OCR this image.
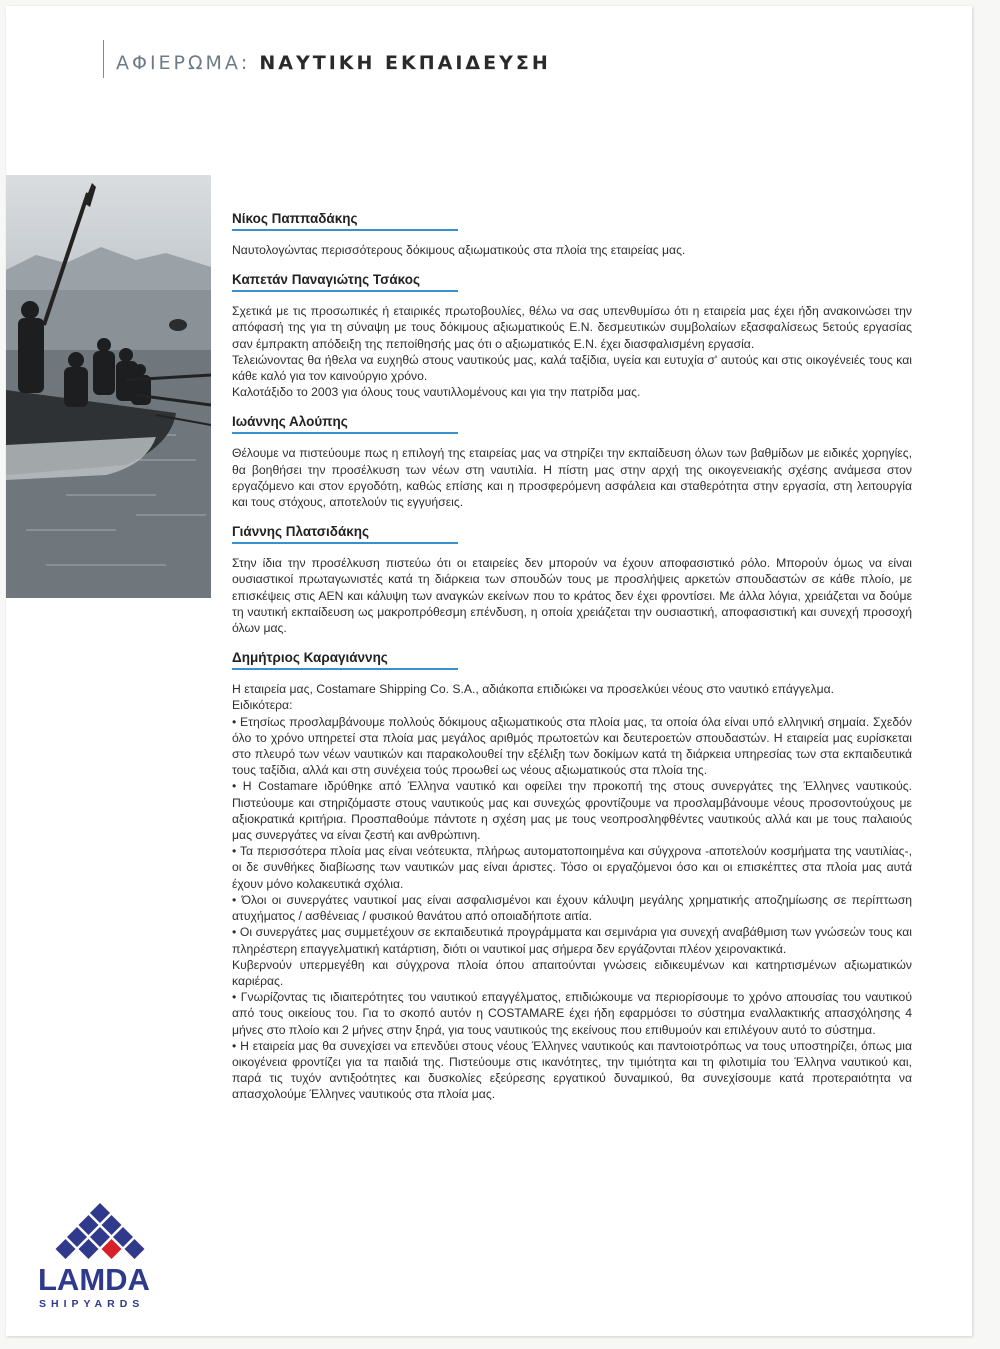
ΑΦΙΕΡΩΜΑ: ΝΑΥΤΙΚΗ ΕΚΠΑΙΔΕΥΣΗ
Νίκος Παππαδάκης

Ναυτολογώντας περισσότερους δόκιμους αξιωματικούς στα πλοία της εταιρείας μας.

Καπετάν Παναγιώτης Τσάκος

Σχετικά με τις προσωπικές ή εταιρικές πρωτοβουλίες, θέλω να σας υπενθυμίσω ότι η εταιρεία μας έχει ήδη ανακοινώσει την απόφασή της για τη σύναψη με τους δόκιμους αξιωματικούς Ε.Ν. δεσμευτικών συμβολαίων εξασφαλίσεως 5ετούς εργασίας σαν έμπρακτη απόδειξη της πεποίθησής μας ότι ο αξιωματικός Ε.Ν. έχει διασφαλισμένη εργασία.

Τελειώνοντας θα ήθελα να ευχηθώ στους ναυτικούς μας, καλά ταξίδια, υγεία και ευτυχία σ' αυτούς και στις οικογένειές τους και κάθε καλό για τον καινούργιο χρόνο.

Καλοτάξιδο το 2003 για όλους τους ναυτιλλομένους και για την πατρίδα μας.

Ιωάννης Αλούπης

Θέλουμε να πιστεύουμε πως η επιλογή της εταιρείας μας να στηρίζει την εκπαίδευση όλων των βαθμίδων με ειδικές χορηγίες, θα βοηθήσει την προσέλκυση των νέων στη ναυτιλία. Η πίστη μας στην αρχή της οικογενειακής σχέσης ανάμεσα στον εργαζόμενο και στον εργοδότη, καθώς επίσης και η προσφερόμενη ασφάλεια και σταθερότητα στην εργασία, στη λειτουργία και τους στόχους, αποτελούν τις εγγυήσεις.

Γιάννης Πλατσιδάκης

Στην ίδια την προσέλκυση πιστεύω ότι οι εταιρείες δεν μπορούν να έχουν αποφασιστικό ρόλο. Μπορούν όμως να είναι ουσιαστικοί πρωταγωνιστές κατά τη διάρκεια των σπουδών τους με προσλήψεις αρκετών σπουδαστών σε κάθε πλοίο, με επισκέψεις στις ΑΕΝ και κάλυψη των αναγκών εκείνων που το κράτος δεν έχει φροντίσει. Με άλλα λόγια, χρειάζεται να δούμε τη ναυτική εκπαίδευση ως μακροπρόθεσμη επένδυση, η οποία χρειάζεται την ουσιαστική, αποφασιστική και συνεχή προσοχή όλων μας.

Δημήτριος Καραγιάννης

Η εταιρεία μας, Costamare Shipping Co. S.A., αδιάκοπα επιδιώκει να προσελκύει νέους στο ναυτικό επάγγελμα.

Ειδικότερα:

• Ετησίως προσλαμβάνουμε πολλούς δόκιμους αξιωματικούς στα πλοία μας, τα οποία όλα είναι υπό ελληνική σημαία. Σχεδόν όλο το χρόνο υπηρετεί στα πλοία μας μεγάλος αριθμός πρωτοετών και δευτεροετών σπουδαστών. Η εταιρεία μας ευρίσκεται στο πλευρό των νέων ναυτικών και παρακολουθεί την εξέλιξη των δοκίμων κατά τη διάρκεια υπηρεσίας των στα εκπαιδευτικά τους ταξίδια, αλλά και στη συνέχεια τούς προωθεί ως νέους αξιωματικούς στα πλοία της.

• Η Costamare ιδρύθηκε από Έλληνα ναυτικό και οφείλει την προκοπή της στους συνεργάτες της Έλληνες ναυτικούς. Πιστεύουμε και στηριζόμαστε στους ναυτικούς μας και συνεχώς φροντίζουμε να προσλαμβάνουμε νέους προσοντούχους με αξιοκρατικά κριτήρια. Προσπαθούμε πάντοτε η σχέση μας με τους νεοπροσληφθέντες ναυτικούς αλλά και με τους παλαιούς μας συνεργάτες να είναι ζεστή και ανθρώπινη.

• Τα περισσότερα πλοία μας είναι νεότευκτα, πλήρως αυτοματοποιημένα και σύγχρονα -αποτελούν κοσμήματα της ναυτιλίας-, οι δε συνθήκες διαβίωσης των ναυτικών μας είναι άριστες. Τόσο οι εργαζόμενοι όσο και οι επισκέπτες στα πλοία μας αυτά έχουν μόνο κολακευτικά σχόλια.

• Όλοι οι συνεργάτες ναυτικοί μας είναι ασφαλισμένοι και έχουν κάλυψη μεγάλης χρηματικής αποζημίωσης σε περίπτωση ατυχήματος / ασθένειας / φυσικού θανάτου από οποιαδήποτε αιτία.

• Οι συνεργάτες μας συμμετέχουν σε εκπαιδευτικά προγράμματα και σεμινάρια για συνεχή αναβάθμιση των γνώσεών τους και πληρέστερη επαγγελματική κατάρτιση, διότι οι ναυτικοί μας σήμερα δεν εργάζονται πλέον χειρονακτικά.

Κυβερνούν υπερμεγέθη και σύγχρονα πλοία όπου απαιτούνται γνώσεις ειδικευμένων και κατηρτισμένων αξιωματικών καριέρας.

• Γνωρίζοντας τις ιδιαιτερότητες του ναυτικού επαγγέλματος, επιδιώκουμε να περιορίσουμε το χρόνο απουσίας του ναυτικού από τους οικείους του. Για το σκοπό αυτόν η COSTAMARE έχει ήδη εφαρμόσει το σύστημα εναλλακτικής απασχόλησης 4 μήνες στο πλοίο και 2 μήνες στην ξηρά, για τους ναυτικούς της εκείνους που επιθυμούν και επιλέγουν αυτό το σύστημα.

• Η εταιρεία μας θα συνεχίσει να επενδύει στους νέους Έλληνες ναυτικούς και παντοιοτρόπως να τους υποστηρίζει, όπως μια οικογένεια φροντίζει για τα παιδιά της. Πιστεύουμε στις ικανότητες, την τιμιότητα και τη φιλοτιμία του Έλληνα ναυτικού και, παρά τις τυχόν αντιξοότητες και δυσκολίες εξεύρεσης εργατικού δυναμικού, θα συνεχίσουμε κατά προτεραιότητα να απασχολούμε Έλληνες ναυτικούς στα πλοία μας.

LAMDA
SHIPYARDS
